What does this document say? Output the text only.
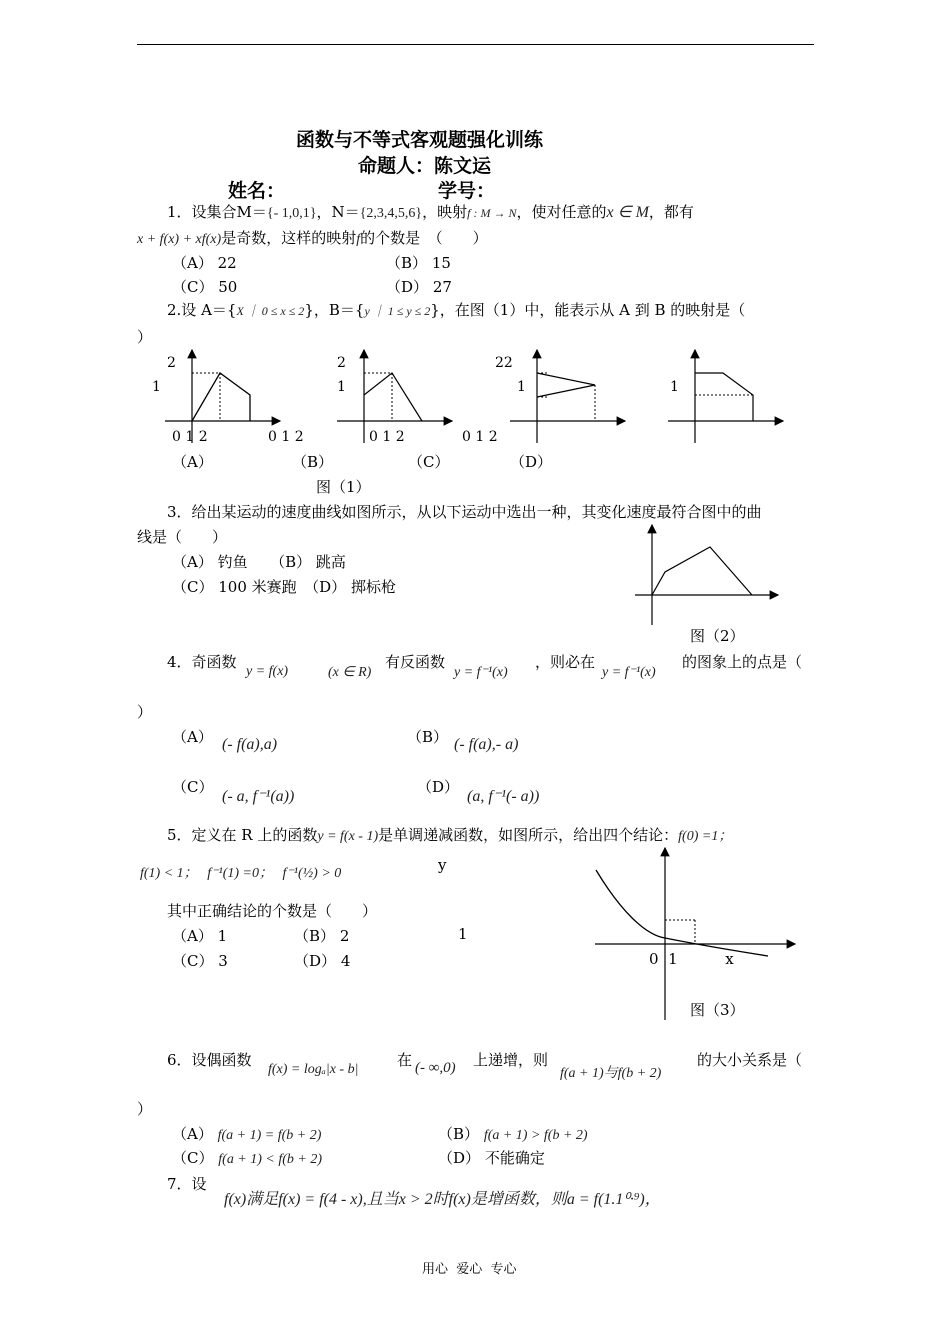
函数与不等式客观题强化训练
命题人：陈文运
姓名：	学号：
1．设集合M＝{- 1,0,1}，N＝{2,3,4,5,6}，映射f : M → N，使对任意的x ∈ M，都有
x + f(x) + xf(x)是奇数，这样的映射f的个数是　（　　）
（A） 22	（B） 15
（C） 50	（D） 27
2.设 A＝{X ｜ 0 ≤ x ≤ 2}，B＝{y ｜ 1 ≤ y ≤ 2}，在图（1）中，能表示从 A 到 B 的映射是（
）
2
1
0 1 2	0 1 2
2
1
0 1 2	0 1 2
22
1	1
（A）	（B）	（C）	（D）
图（1）
3．给出某运动的速度曲线如图所示，从以下运动中选出一种，其变化速度最符合图中的曲
线是（　　）
（A） 钓鱼　　（B） 跳高
（C） 100 米赛跑　（D） 掷标枪
图（2）
4．奇函数
y = f(x)	(x ∈ R)
有反函数
y = f⁻¹(x)
，则必在
y = f⁻¹(x)
的图象上的点是（
）
（A） (- f(a),a)	（B） (- f(a),- a)
（C）
(- a, f⁻¹(a))
（D）
(a, f⁻¹(- a))
5．定义在 R 上的函数y = f(x - 1)是单调递减函数，如图所示，给出四个结论：f(0) =1；
f(1) < 1； f⁻¹(1) =0； f⁻¹(½) > 0	y
其中正确结论的个数是（　　）
（A） 1	（B） 2
（C） 3	（D） 4
1
0  1          x
图（3）
6．设偶函数
f(x) = logₐ|x - b|
在 (- ∞,0) 上递增，则
f(a + 1)与f(b + 2)
的大小关系是（
）
（A） f(a + 1) = f(b + 2)	（B） f(a + 1) > f(b + 2)
（C） f(a + 1) < f(b + 2)	（D） 不能确定
7．设
f(x)满足f(x) = f(4 - x),且当x > 2时f(x)是增函数，则a = f(1.1⁰·⁹)，
用心  爱心  专心
